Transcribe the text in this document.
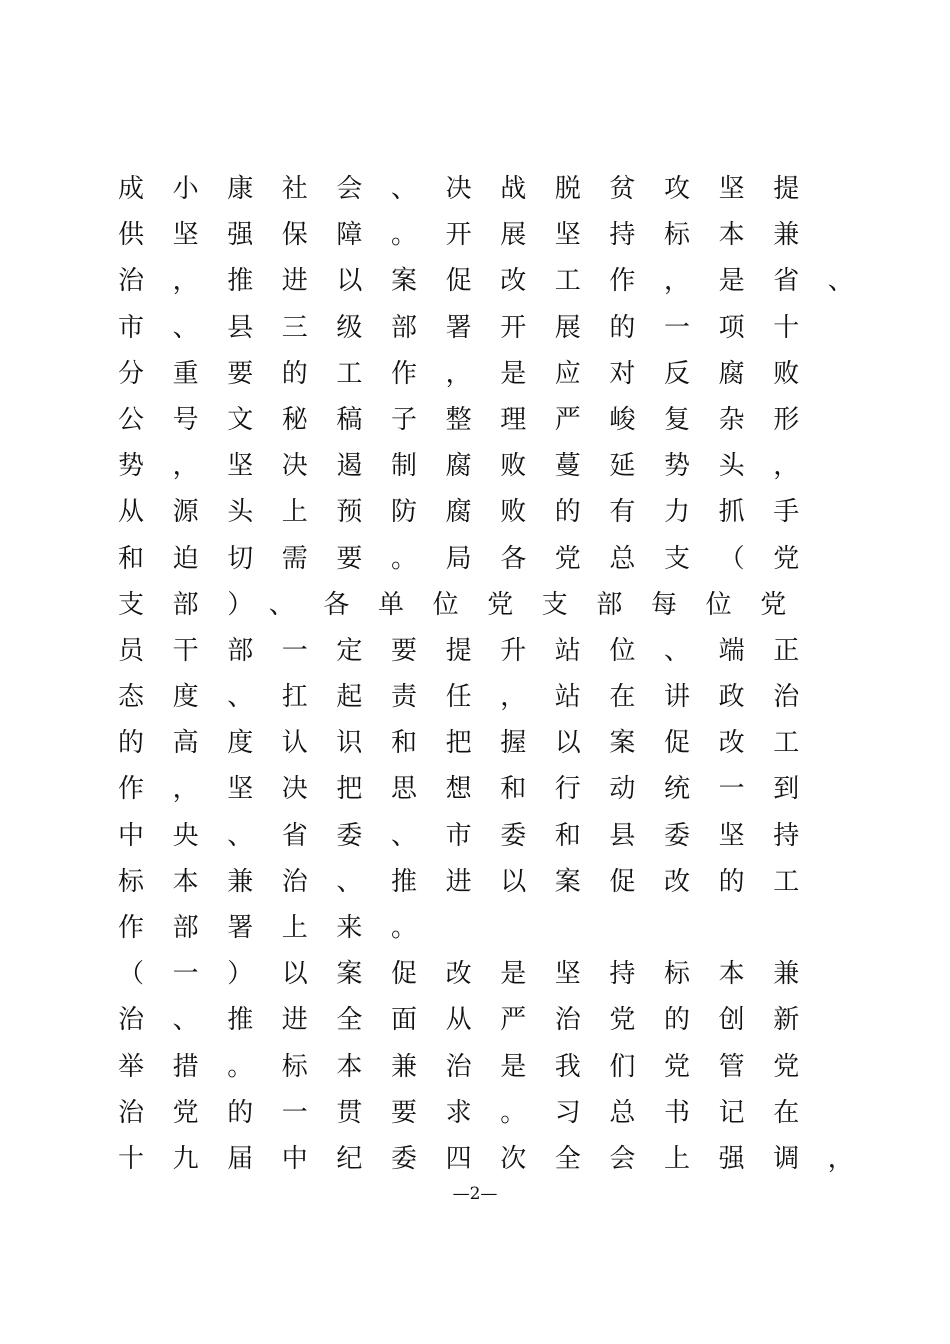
成小康社会、决战脱贫攻坚提
供坚强保障。开展坚持标本兼
治，推进以案促改工作，是省、
市、县三级部署开展的一项十
分重要的工作，是应对反腐败
公号文秘稿子整理严峻复杂形
势，坚决遏制腐败蔓延势头，
从源头上预防腐败的有力抓手
和迫切需要。局各党总支（党
支部）、各单位党支部每位党
员干部一定要提升站位、端正
态度、扛起责任，站在讲政治
的高度认识和把握以案促改工
作，坚决把思想和行动统一到
中央、省委、市委和县委坚持
标本兼治、推进以案促改的工
作部署上来。
（一）以案促改是坚持标本兼
治、推进全面从严治党的创新
举措。标本兼治是我们党管党
治党的一贯要求。习总书记在
十九届中纪委四次全会上强调，
—2—
